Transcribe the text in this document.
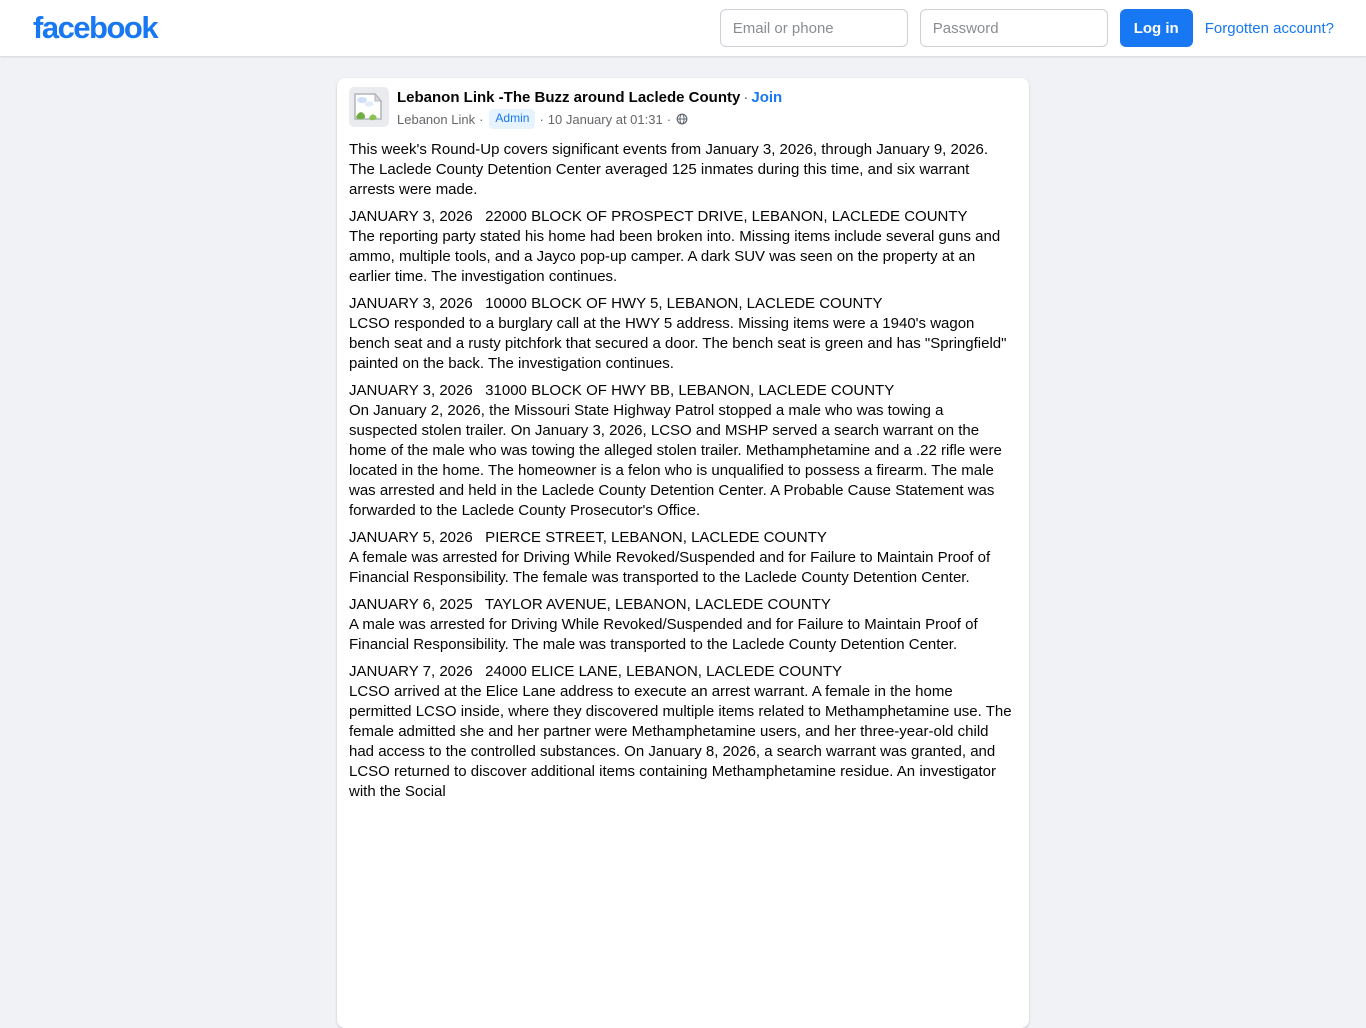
facebook
Email or phone	Log in	Forgotten account?
Lebanon Link -The Buzz around Laclede County · Join
Lebanon Link ·	Admin · 10 January at 01:31 ·
This week's Round-Up covers significant events from January 3, 2026, through January 9, 2026. The Laclede County Detention Center averaged 125 inmates during this time, and six warrant arrests were made.
JANUARY 3, 2026   22000 BLOCK OF PROSPECT DRIVE, LEBANON, LACLEDE COUNTY
The reporting party stated his home had been broken into. Missing items include several guns and ammo, multiple tools, and a Jayco pop-up camper. A dark SUV was seen on the property at an earlier time. The investigation continues.
JANUARY 3, 2026   10000 BLOCK OF HWY 5, LEBANON, LACLEDE COUNTY
LCSO responded to a burglary call at the HWY 5 address. Missing items were a 1940's wagon bench seat and a rusty pitchfork that secured a door. The bench seat is green and has "Springfield" painted on the back. The investigation continues.
JANUARY 3, 2026   31000 BLOCK OF HWY BB, LEBANON, LACLEDE COUNTY
On January 2, 2026, the Missouri State Highway Patrol stopped a male who was towing a suspected stolen trailer. On January 3, 2026, LCSO and MSHP served a search warrant on the home of the male who was towing the alleged stolen trailer. Methamphetamine and a .22 rifle were located in the home. The homeowner is a felon who is unqualified to possess a firearm. The male was arrested and held in the Laclede County Detention Center. A Probable Cause Statement was forwarded to the Laclede County Prosecutor's Office.
JANUARY 5, 2026   PIERCE STREET, LEBANON, LACLEDE COUNTY
A female was arrested for Driving While Revoked/Suspended and for Failure to Maintain Proof of Financial Responsibility. The female was transported to the Laclede County Detention Center.
JANUARY 6, 2025   TAYLOR AVENUE, LEBANON, LACLEDE COUNTY
A male was arrested for Driving While Revoked/Suspended and for Failure to Maintain Proof of Financial Responsibility. The male was transported to the Laclede County Detention Center.
JANUARY 7, 2026   24000 ELICE LANE, LEBANON, LACLEDE COUNTY
LCSO arrived at the Elice Lane address to execute an arrest warrant. A female in the home permitted LCSO inside, where they discovered multiple items related to Methamphetamine use. The female admitted she and her partner were Methamphetamine users, and her three-year-old child had access to the controlled substances. On January 8, 2026, a search warrant was granted, and LCSO returned to discover additional items containing Methamphetamine residue. An investigator with the Social
